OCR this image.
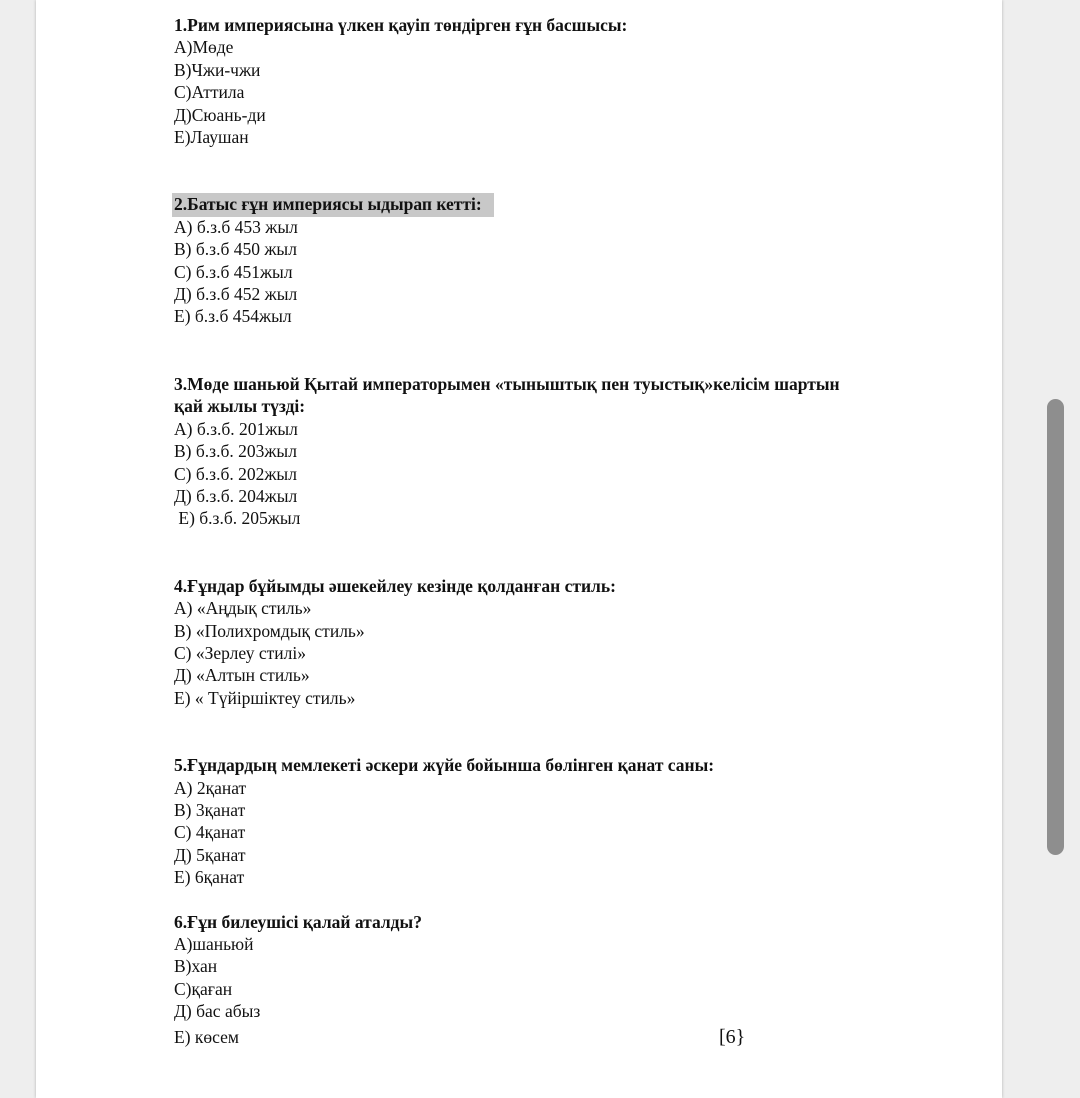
1.Рим империясына үлкен қауіп төндірген ғұн басшысы:
А)Мөде
В)Чжи-чжи
С)Аттила
Д)Сюань-ди
Е)Лаушан
2.Батыс ғұн империясы ыдырап кетті:
А) б.з.б 453 жыл
В) б.з.б 450 жыл
С) б.з.б 451жыл
Д) б.з.б 452 жыл
Е) б.з.б 454жыл
3.Мөде шаньюй Қытай императорымен «тыныштық пен туыстық»келісім шартын
қай жылы түзді:
А) б.з.б. 201жыл
В) б.з.б. 203жыл
С) б.з.б. 202жыл
Д) б.з.б. 204жыл
Е) б.з.б. 205жыл
4.Ғұндар бұйымды әшекейлеу кезінде қолданған стиль:
А) «Аңдық стиль»
В) «Полихромдық стиль»
С) «Зерлеу стилі»
Д) «Алтын стиль»
Е) « Түйіршіктеу стиль»
5.Ғұндардың мемлекеті әскери жүйе бойынша бөлінген қанат саны:
А) 2қанат
В) 3қанат
С) 4қанат
Д) 5қанат
Е) 6қанат
6.Ғұн билеушісі қалай аталды?
А)шаньюй
В)хан
С)қаған
Д) бас абыз
Е) көсем	[6}
